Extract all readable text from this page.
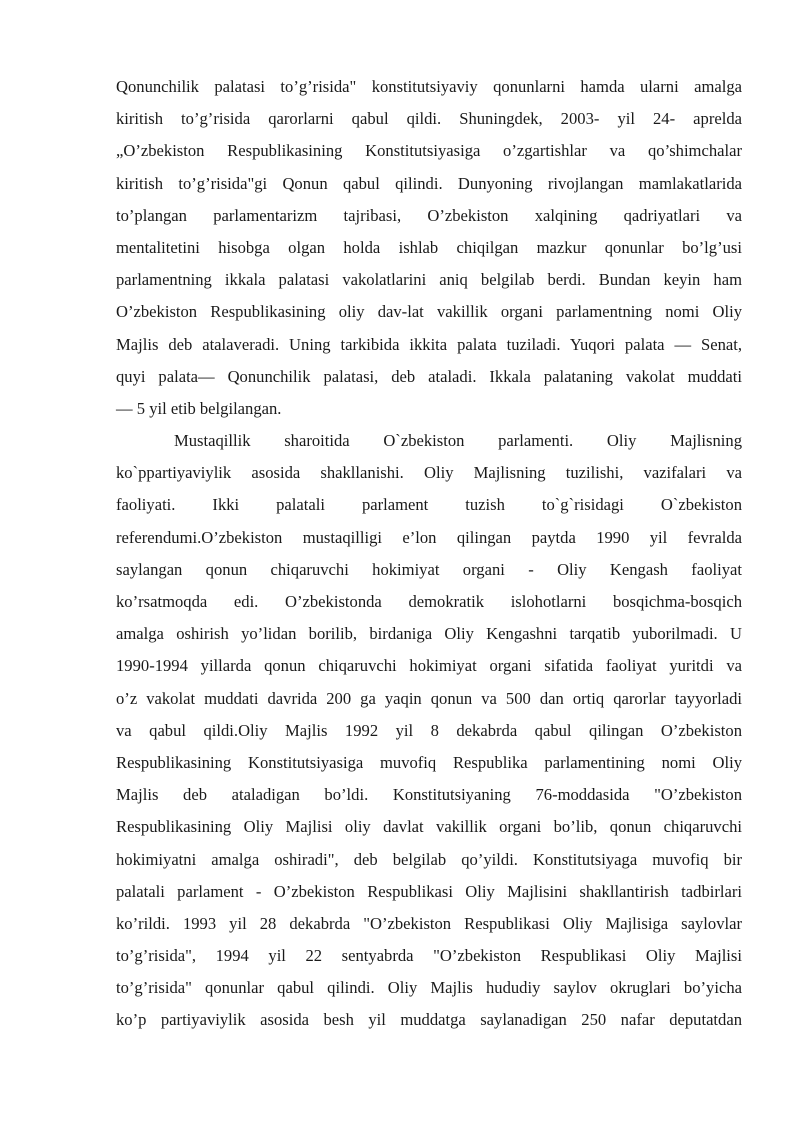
Qonunchilik palatasi to’g’risida" konstitutsiyaviy qonunlarni hamda ularni amalga
kiritish to’g’risida qarorlarni qabul qildi. Shuningdek, 2003- yil 24- aprelda
„O’zbekiston Respublikasining Konstitutsiyasiga o’zgartishlar va qo’shimchalar
kiritish to’g’risida"gi Qonun qabul qilindi. Dunyoning rivojlangan mamlakatlarida
to’plangan parlamentarizm tajribasi, O’zbekiston xalqining qadriyatlari va
mentalitetini hisobga olgan holda ishlab chiqilgan mazkur qonunlar bo’lg’usi
parlamentning ikkala palatasi vakolatlarini aniq belgilab berdi. Bundan keyin ham
O’zbekiston Respublikasining oliy dav-lat vakillik organi parlamentning nomi Oliy
Majlis deb atalaveradi. Uning tarkibida ikkita palata tuziladi. Yuqori palata — Senat,
quyi palata— Qonunchilik palatasi, deb ataladi. Ikkala palataning vakolat muddati
— 5 yil etib belgilangan.
Mustaqillik sharoitida O`zbekiston parlamenti. Oliy Majlisning
ko`ppartiyaviylik asosida shakllanishi. Oliy Majlisning tuzilishi, vazifalari va
faoliyati. Ikki palatali parlament tuzish to`g`risidagi O`zbekiston
referendumi.O’zbekiston mustaqilligi e’lon qilingan paytda 1990 yil fevralda
saylangan qonun chiqaruvchi hokimiyat organi - Oliy Kengash faoliyat
ko’rsatmoqda edi. O’zbekistonda demokratik islohotlarni bosqichma-bosqich
amalga oshirish yo’lidan borilib, birdaniga Oliy Kengashni tarqatib yuborilmadi. U
1990-1994 yillarda qonun chiqaruvchi hokimiyat organi sifatida faoliyat yuritdi va
o’z vakolat muddati davrida 200 ga yaqin qonun va 500 dan ortiq qarorlar tayyorladi
va qabul qildi.Oliy Majlis 1992 yil 8 dekabrda qabul qilingan O’zbekiston
Respublikasining Konstitutsiyasiga muvofiq Respublika parlamentining nomi Oliy
Majlis deb ataladigan bo’ldi. Konstitutsiyaning 76-moddasida "O’zbekiston
Respublikasining Oliy Majlisi oliy davlat vakillik organi bo’lib, qonun chiqaruvchi
hokimiyatni amalga oshiradi", deb belgilab qo’yildi. Konstitutsiyaga muvofiq bir
palatali parlament - O’zbekiston Respublikasi Oliy Majlisini shakllantirish tadbirlari
ko’rildi. 1993 yil 28 dekabrda "O’zbekiston Respublikasi Oliy Majlisiga saylovlar
to’g’risida", 1994 yil 22 sentyabrda "O’zbekiston Respublikasi Oliy Majlisi
to’g’risida" qonunlar qabul qilindi. Oliy Majlis hududiy saylov okruglari bo’yicha
ko’p partiyaviylik asosida besh yil muddatga saylanadigan 250 nafar deputatdan
